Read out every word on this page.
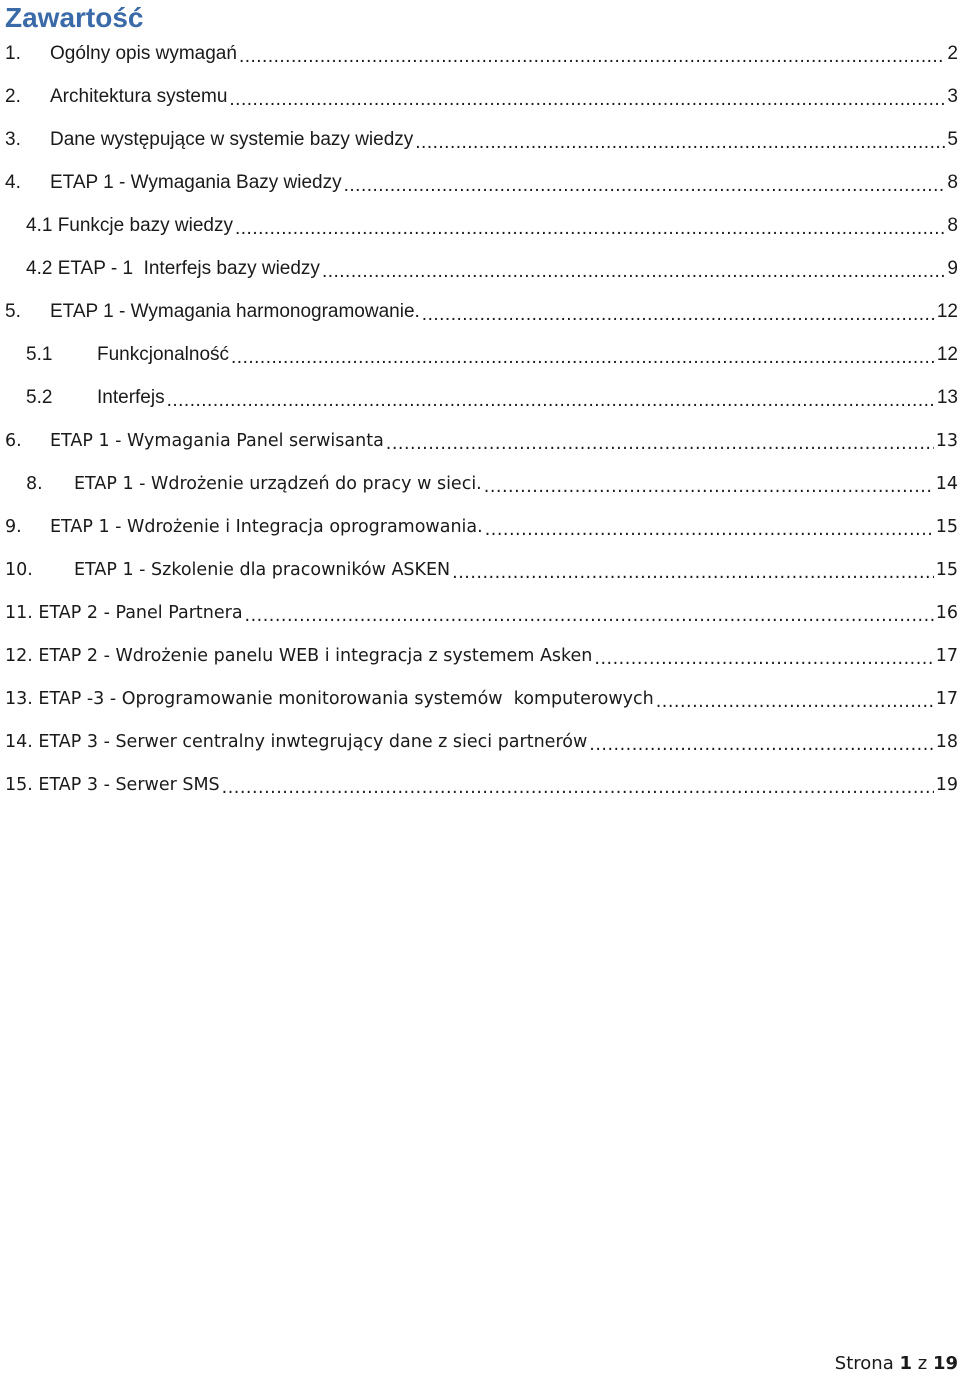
Zawartość
1.	Ogólny opis wymagań .....	2
2.	Architektura systemu .....	3
3.	Dane występujące w systemie bazy wiedzy .....	5
4.	ETAP 1 - Wymagania Bazy wiedzy .....	8
4.1 Funkcje bazy wiedzy .....	8
4.2 ETAP - 1  Interfejs bazy wiedzy .....	9
5.	ETAP 1 - Wymagania harmonogramowanie. .....	12
5.1	Funkcjonalność .....	12
5.2	Interfejs .....	13
6.	ETAP 1 - Wymagania Panel serwisanta .....	13
8.	ETAP 1 - Wdrożenie urządzeń do pracy w sieci. .....	14
9.	ETAP 1 - Wdrożenie i Integracja oprogramowania. .....	15
10.	ETAP 1 - Szkolenie dla pracowników ASKEN .....	15
11. ETAP 2 - Panel Partnera .....	16
12. ETAP 2 - Wdrożenie panelu WEB i integracja z systemem Asken .....	17
13. ETAP -3 - Oprogramowanie monitorowania systemów  komputerowych .....	17
14. ETAP 3 - Serwer centralny inwtegrujący dane z sieci partnerów .....	18
15. ETAP 3 - Serwer SMS .....	19
Strona 1 z 19
